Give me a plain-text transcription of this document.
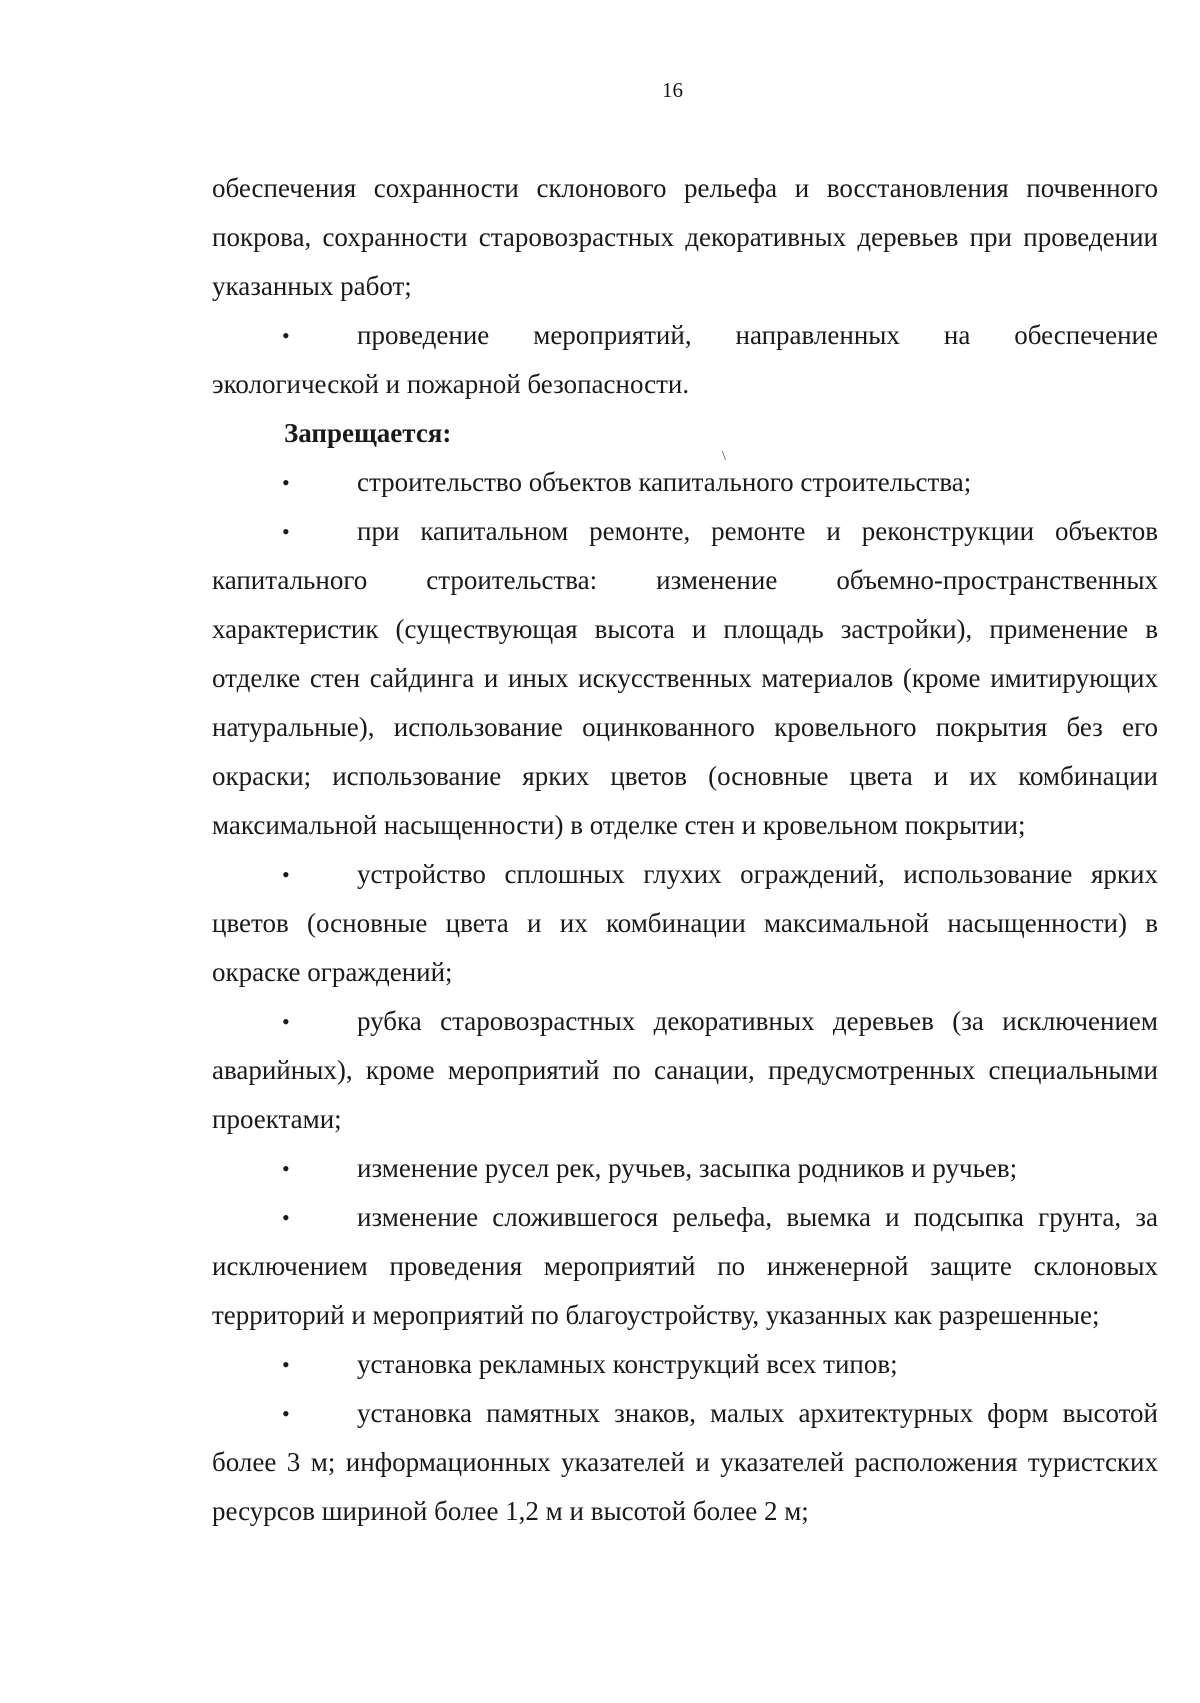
16
\

обеспечения сохранности склонового рельефа и восстановления почвенного покрова, сохранности старовозрастных декоративных деревьев при проведении указанных работ;

• проведение мероприятий, направленных на обеспечение экологической и пожарной безопасности.

Запрещается:

• строительство объектов капитального строительства;

• при капитальном ремонте, ремонте и реконструкции объектов капитального строительства: изменение объемно-пространственных характеристик (существующая высота и площадь застройки), применение в отделке стен сайдинга и иных искусственных материалов (кроме имитирующих натуральные), использование оцинкованного кровельного покрытия без его окраски; использование ярких цветов (основные цвета и их комбинации максимальной насыщенности) в отделке стен и кровельном покрытии;

• устройство сплошных глухих ограждений, использование ярких цветов (основные цвета и их комбинации максимальной насыщенности) в окраске ограждений;

• рубка старовозрастных декоративных деревьев (за исключением аварийных), кроме мероприятий по санации, предусмотренных специальными проектами;

• изменение русел рек, ручьев, засыпка родников и ручьев;

• изменение сложившегося рельефа, выемка и подсыпка грунта, за исключением проведения мероприятий по инженерной защите склоновых территорий и мероприятий по благоустройству, указанных как разрешенные;

• установка рекламных конструкций всех типов;

• установка памятных знаков, малых архитектурных форм высотой более 3 м; информационных указателей и указателей расположения туристских ресурсов шириной более 1,2 м и высотой более 2 м;
